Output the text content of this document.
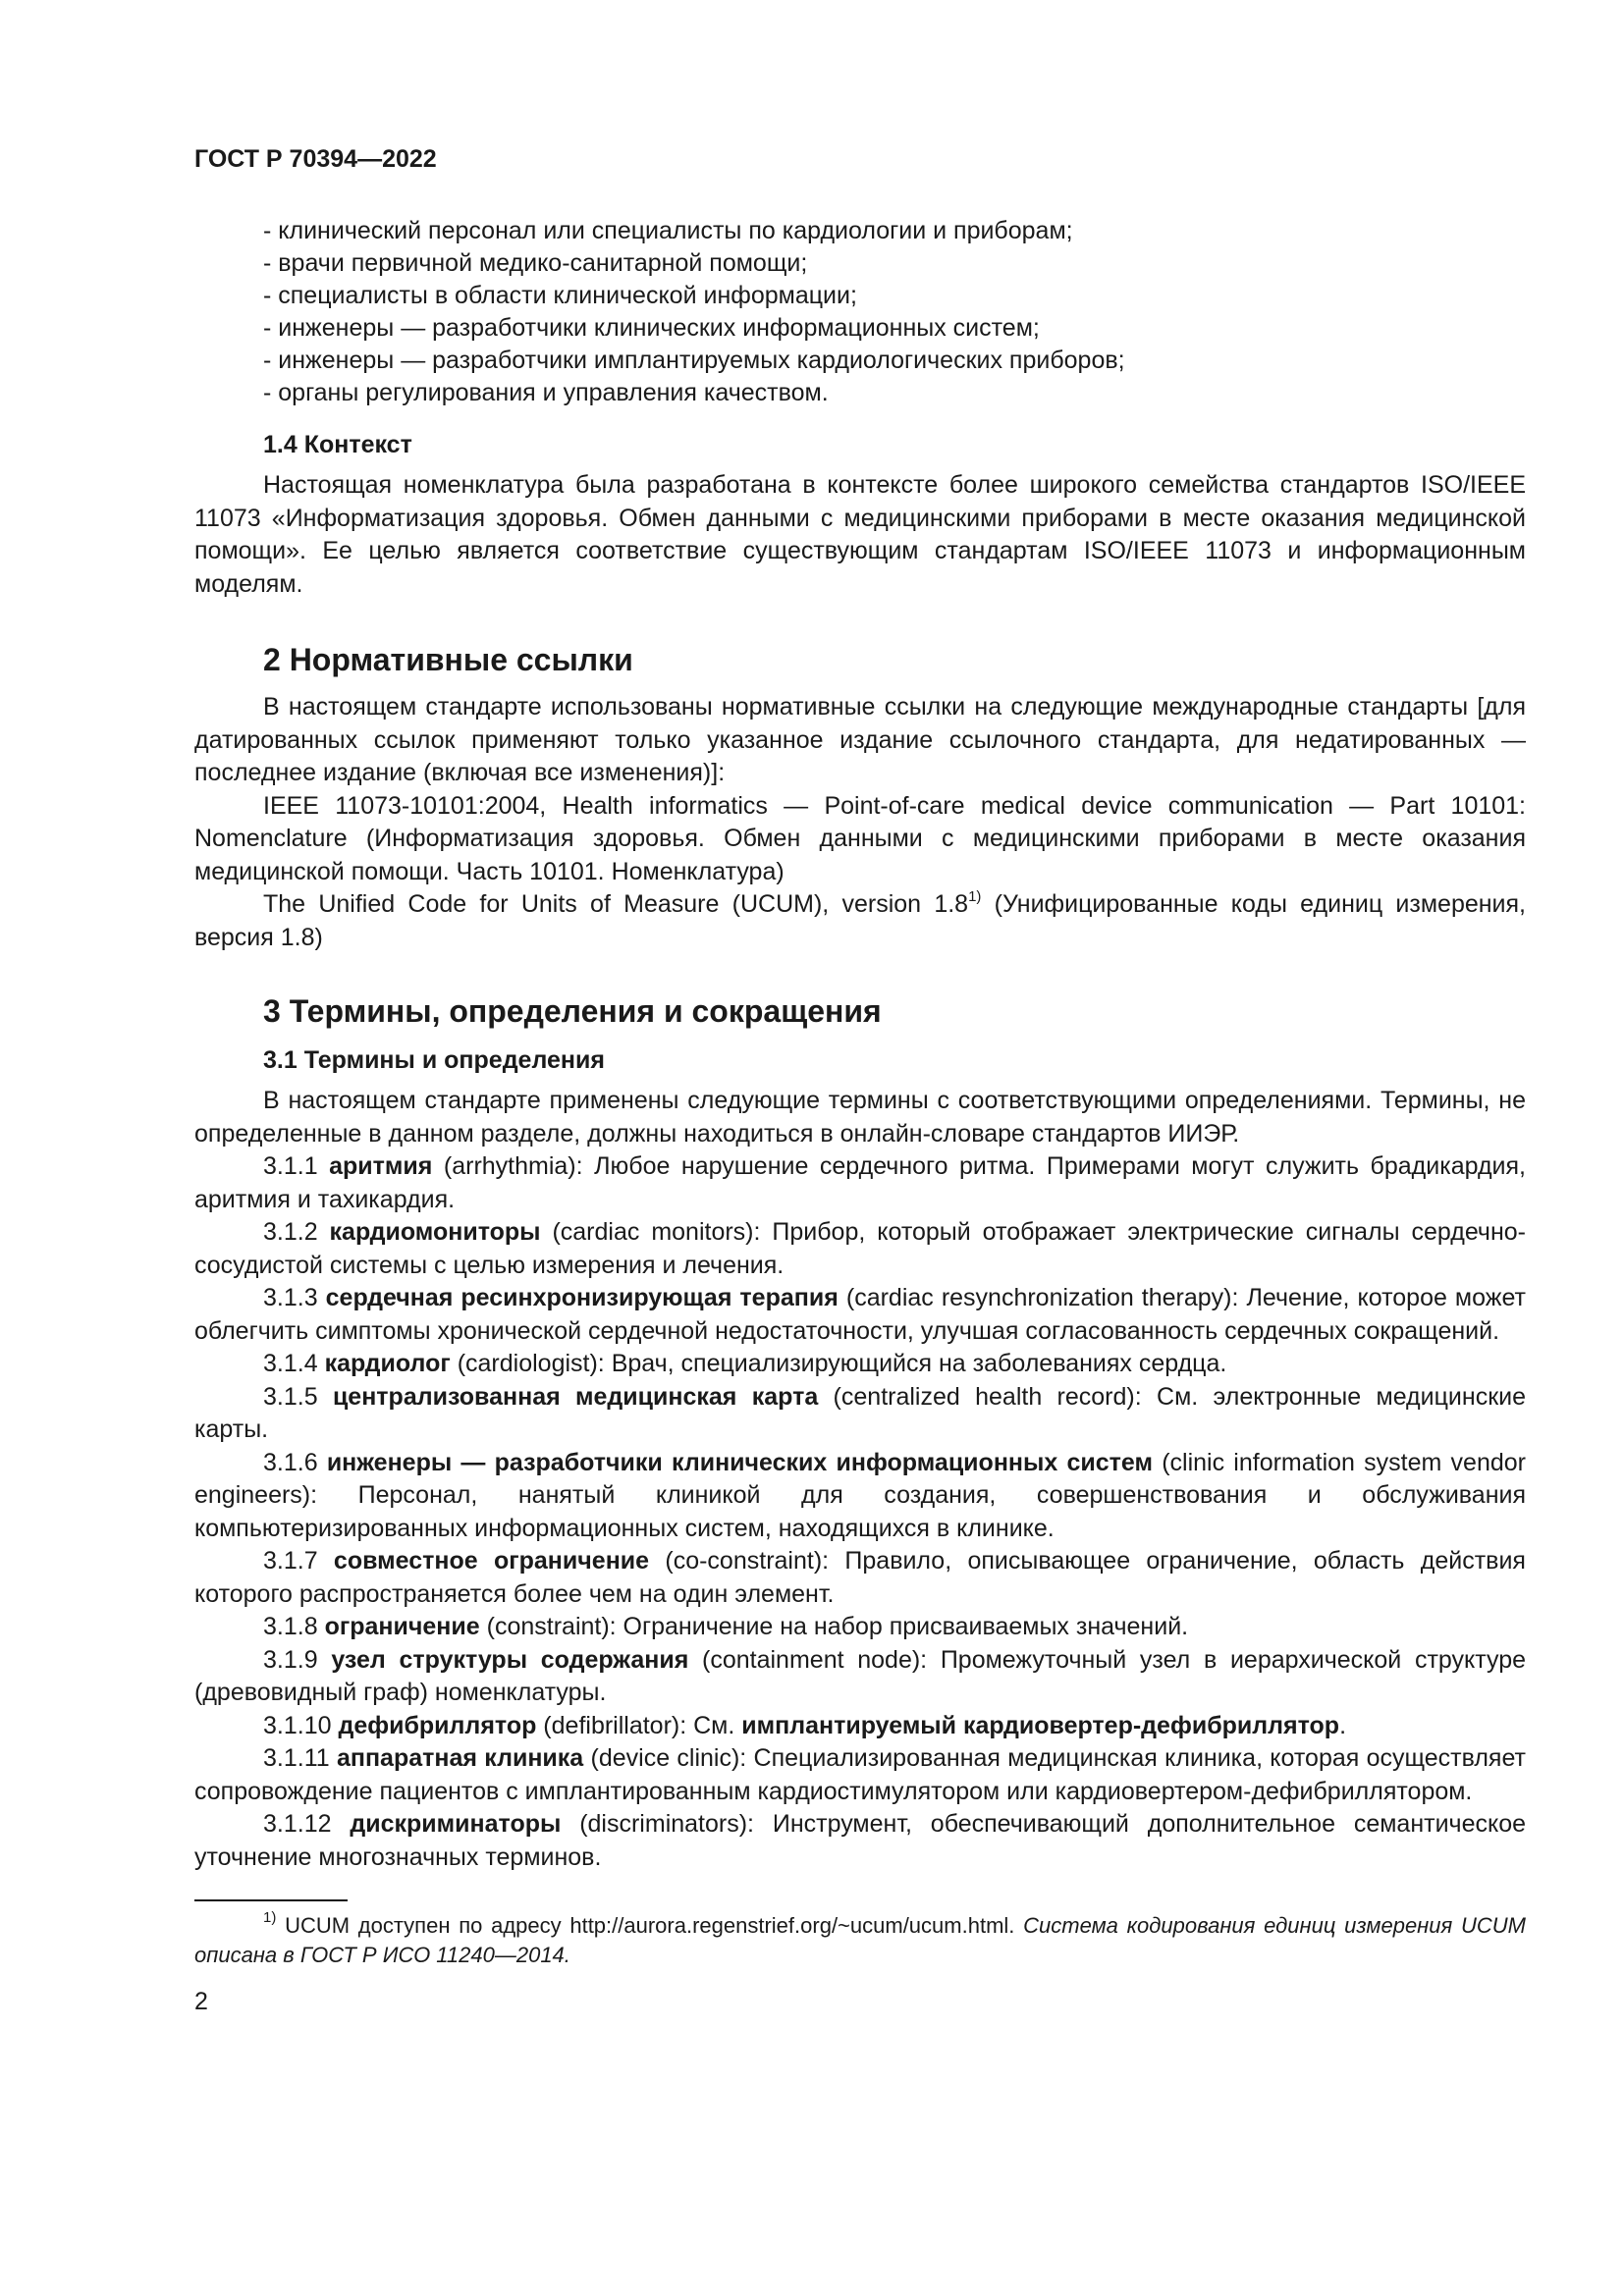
ГОСТ Р 70394—2022
- клинический персонал или специалисты по кардиологии и приборам;
- врачи первичной медико-санитарной помощи;
- специалисты в области клинической информации;
- инженеры — разработчики клинических информационных систем;
- инженеры — разработчики имплантируемых кардиологических приборов;
- органы регулирования и управления качеством.
1.4 Контекст

Настоящая номенклатура была разработана в контексте более широкого семейства стандартов ISO/IEEE 11073 «Информатизация здоровья. Обмен данными с медицинскими приборами в месте оказания медицинской помощи». Ее целью является соответствие существующим стандартам ISO/IEEE 11073 и информационным моделям.

2 Нормативные ссылки

В настоящем стандарте использованы нормативные ссылки на следующие международные стандарты [для датированных ссылок применяют только указанное издание ссылочного стандарта, для недатированных — последнее издание (включая все изменения)]:

IEEE 11073-10101:2004, Health informatics — Point-of-care medical device communication — Part 10101: Nomenclature (Информатизация здоровья. Обмен данными с медицинскими приборами в месте оказания медицинской помощи. Часть 10101. Номенклатура)

The Unified Code for Units of Measure (UCUM), version 1.8$^{1)}$ (Унифицированные коды единиц измерения, версия 1.8)

3 Термины, определения и сокращения
3.1 Термины и определения

В настоящем стандарте применены следующие термины с соответствующими определениями. Термины, не определенные в данном разделе, должны находиться в онлайн-словаре стандартов ИИЭР.

3.1.1 аритмия (arrhythmia): Любое нарушение сердечного ритма. Примерами могут служить брадикардия, аритмия и тахикардия.

3.1.2 кардиомониторы (cardiac monitors): Прибор, который отображает электрические сигналы сердечно-сосудистой системы с целью измерения и лечения.

3.1.3 сердечная ресинхронизирующая терапия (cardiac resynchronization therapy): Лечение, которое может облегчить симптомы хронической сердечной недостаточности, улучшая согласованность сердечных сокращений.

3.1.4 кардиолог (cardiologist): Врач, специализирующийся на заболеваниях сердца.

3.1.5 централизованная медицинская карта (centralized health record): См. электронные медицинские карты.

3.1.6 инженеры — разработчики клинических информационных систем (clinic information system vendor engineers): Персонал, нанятый клиникой для создания, совершенствования и обслуживания компьютеризированных информационных систем, находящихся в клинике.

3.1.7 совместное ограничение (co-constraint): Правило, описывающее ограничение, область действия которого распространяется более чем на один элемент.

3.1.8 ограничение (constraint): Ограничение на набор присваиваемых значений.

3.1.9 узел структуры содержания (containment node): Промежуточный узел в иерархической структуре (древовидный граф) номенклатуры.

3.1.10 дефибриллятор (defibrillator): См. имплантируемый кардиовертер-дефибриллятор.

3.1.11 аппаратная клиника (device clinic): Специализированная медицинская клиника, которая осуществляет сопровождение пациентов с имплантированным кардиостимулятором или кардиовертером-дефибриллятором.

3.1.12 дискриминаторы (discriminators): Инструмент, обеспечивающий дополнительное семантическое уточнение многозначных терминов.

$^{1)}$ UCUM доступен по адресу http://aurora.regenstrief.org/~ucum/ucum.html. Система кодирования единиц измерения UCUM описана в ГОСТ Р ИСО 11240—2014.
2
